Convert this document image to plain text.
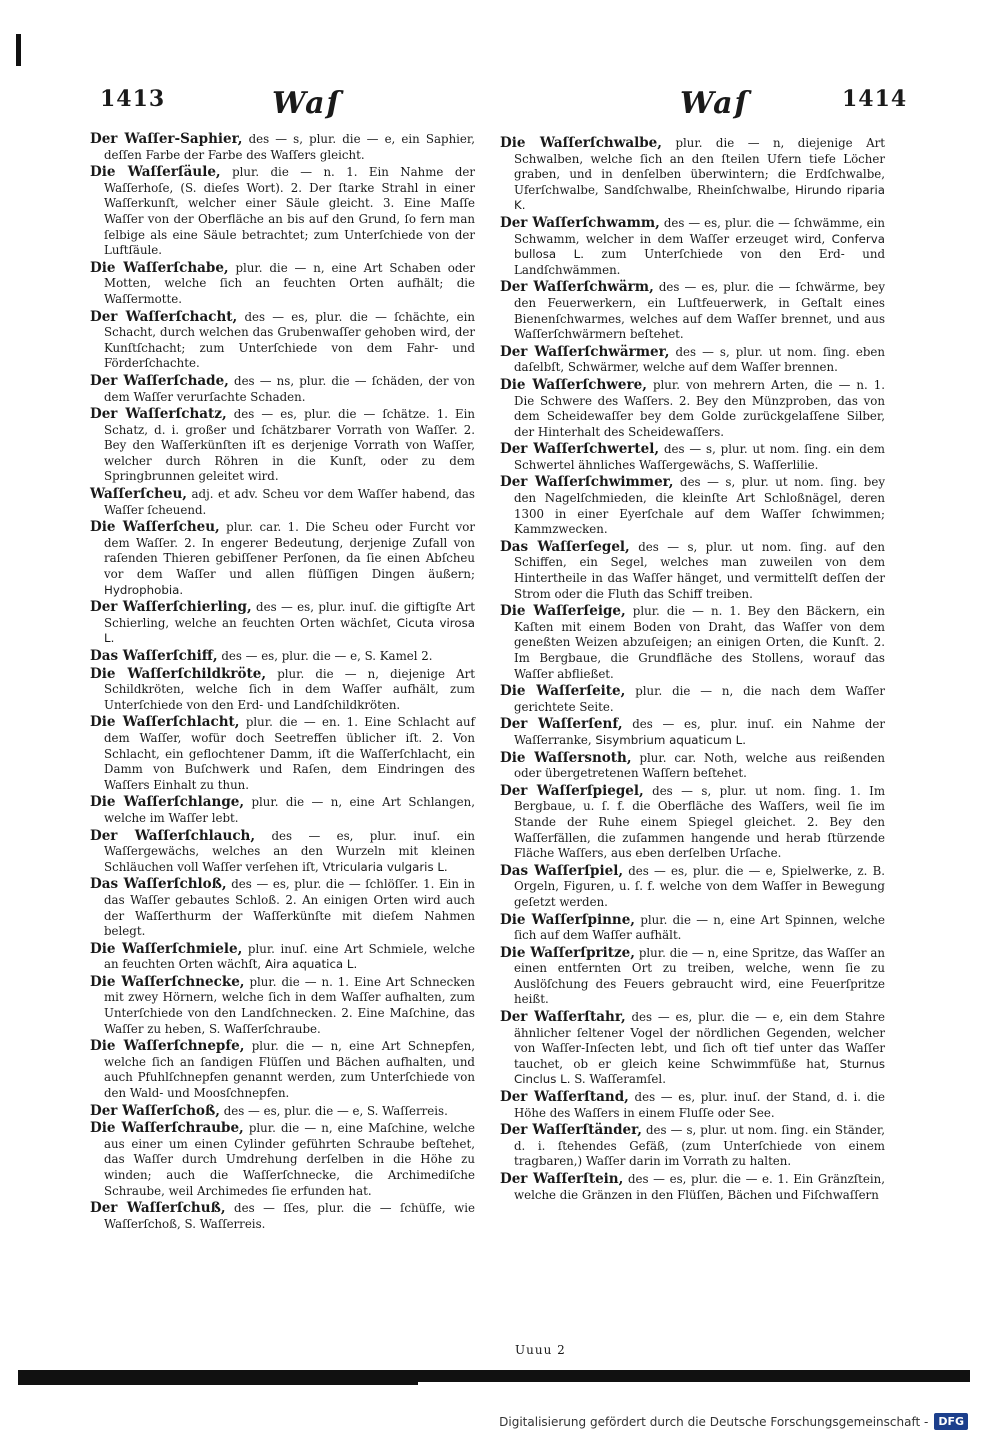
1413	Waſ	Waſ	1414

Der Waſſer-Saphier, des — s, plur. die — e, ein Saphier, deſſen Farbe der Farbe des Waſſers gleicht.

Die Waſſerſäule, plur. die — n. 1. Ein Nahme der Waſſerhoſe, (S. dieſes Wort). 2. Der ſtarke Strahl in einer Waſſerkunſt, welcher einer Säule gleicht. 3. Eine Maſſe Waſſer von der Oberfläche an bis auf den Grund, ſo fern man ſelbige als eine Säule betrachtet; zum Unterſchiede von der Luftſäule.

Die Waſſerſchabe, plur. die — n, eine Art Schaben oder Motten, welche ſich an feuchten Orten aufhält; die Waſſermotte.

Der Waſſerſchacht, des — es, plur. die — ſchächte, ein Schacht, durch welchen das Grubenwaſſer gehoben wird, der Kunſtſchacht; zum Unterſchiede von dem Fahr- und Förderſchachte.

Der Waſſerſchade, des — ns, plur. die — ſchäden, der von dem Waſſer verurſachte Schaden.

Der Waſſerſchatz, des — es, plur. die — ſchätze. 1. Ein Schatz, d. i. großer und ſchätzbarer Vorrath von Waſſer. 2. Bey den Waſſerkünſten iſt es derjenige Vorrath von Waſſer, welcher durch Röhren in die Kunſt, oder zu dem Springbrunnen geleitet wird.

Waſſerſcheu, adj. et adv. Scheu vor dem Waſſer habend, das Waſſer ſcheuend.

Die Waſſerſcheu, plur. car. 1. Die Scheu oder Furcht vor dem Waſſer. 2. In engerer Bedeutung, derjenige Zufall von raſenden Thieren gebiſſener Perſonen, da ſie einen Abſcheu vor dem Waſſer und allen flüſſigen Dingen äußern; Hydrophobia.

Der Waſſerſchierling, des — es, plur. inuſ. die giftigſte Art Schierling, welche an feuchten Orten wächſet, Cicuta virosa L.

Das Waſſerſchiff, des — es, plur. die — e, S. Kamel 2.

Die Waſſerſchildkröte, plur. die — n, diejenige Art Schildkröten, welche ſich in dem Waſſer aufhält, zum Unterſchiede von den Erd- und Landſchildkröten.

Die Waſſerſchlacht, plur. die — en. 1. Eine Schlacht auf dem Waſſer, wofür doch Seetreffen üblicher iſt. 2. Von Schlacht, ein geflochtener Damm, iſt die Waſſerſchlacht, ein Damm von Buſchwerk und Raſen, dem Eindringen des Waſſers Einhalt zu thun.

Die Waſſerſchlange, plur. die — n, eine Art Schlangen, welche im Waſſer lebt.

Der Waſſerſchlauch, des — es, plur. inuſ. ein Waſſergewächs, welches an den Wurzeln mit kleinen Schläuchen voll Waſſer verſehen iſt, Vtricularia vulgaris L.

Das Waſſerſchloß, des — es, plur. die — ſchlöſſer. 1. Ein in das Waſſer gebautes Schloß. 2. An einigen Orten wird auch der Waſſerthurm der Waſſerkünſte mit dieſem Nahmen belegt.

Die Waſſerſchmiele, plur. inuſ. eine Art Schmiele, welche an feuchten Orten wächſt, Aira aquatica L.

Die Waſſerſchnecke, plur. die — n. 1. Eine Art Schnecken mit zwey Hörnern, welche ſich in dem Waſſer aufhalten, zum Unterſchiede von den Landſchnecken. 2. Eine Maſchine, das Waſſer zu heben, S. Waſſerſchraube.

Die Waſſerſchnepfe, plur. die — n, eine Art Schnepfen, welche ſich an ſandigen Flüſſen und Bächen aufhalten, und auch Pfuhlſchnepfen genannt werden, zum Unterſchiede von den Wald- und Moosſchnepfen.

Der Waſſerſchoß, des — es, plur. die — e, S. Waſſerreis.

Die Waſſerſchraube, plur. die — n, eine Maſchine, welche aus einer um einen Cylinder geführten Schraube beſtehet, das Waſſer durch Umdrehung derſelben in die Höhe zu winden; auch die Waſſerſchnecke, die Archimediſche Schraube, weil Archimedes ſie erfunden hat.

Der Waſſerſchuß, des — ſſes, plur. die — ſchüſſe, wie Waſſerſchoß, S. Waſſerreis.

Die Waſſerſchwalbe, plur. die — n, diejenige Art Schwalben, welche ſich an den ſteilen Ufern tiefe Löcher graben, und in denſelben überwintern; die Erdſchwalbe, Uferſchwalbe, Sandſchwalbe, Rheinſchwalbe, Hirundo riparia K.

Der Waſſerſchwamm, des — es, plur. die — ſchwämme, ein Schwamm, welcher in dem Waſſer erzeuget wird, Conferva bullosa L. zum Unterſchiede von den Erd- und Landſchwämmen.

Der Waſſerſchwärm, des — es, plur. die — ſchwärme, bey den Feuerwerkern, ein Luſtfeuerwerk, in Geſtalt eines Bienenſchwarmes, welches auf dem Waſſer brennet, und aus Waſſerſchwärmern beſtehet.

Der Waſſerſchwärmer, des — s, plur. ut nom. ſing. eben daſelbſt, Schwärmer, welche auf dem Waſſer brennen.

Die Waſſerſchwere, plur. von mehrern Arten, die — n. 1. Die Schwere des Waſſers. 2. Bey den Münzproben, das von dem Scheidewaſſer bey dem Golde zurückgelaſſene Silber, der Hinterhalt des Scheidewaſſers.

Der Waſſerſchwertel, des — s, plur. ut nom. ſing. ein dem Schwertel ähnliches Waſſergewächs, S. Waſſerlilie.

Der Waſſerſchwimmer, des — s, plur. ut nom. ſing. bey den Nagelſchmieden, die kleinſte Art Schloßnägel, deren 1300 in einer Eyerſchale auf dem Waſſer ſchwimmen; Kammzwecken.

Das Waſſerſegel, des — s, plur. ut nom. ſing. auf den Schiffen, ein Segel, welches man zuweilen von dem Hintertheile in das Waſſer hänget, und vermittelſt deſſen der Strom oder die Fluth das Schiff treiben.

Die Waſſerſeige, plur. die — n. 1. Bey den Bäckern, ein Kaſten mit einem Boden von Draht, das Waſſer von dem geneßten Weizen abzuſeigen; an einigen Orten, die Kunſt. 2. Im Bergbaue, die Grundfläche des Stollens, worauf das Waſſer abfließet.

Die Waſſerſeite, plur. die — n, die nach dem Waſſer gerichtete Seite.

Der Waſſerſenf, des — es, plur. inuſ. ein Nahme der Waſſerranke, Sisymbrium aquaticum L.

Die Waſſersnoth, plur. car. Noth, welche aus reißenden oder übergetretenen Waſſern beſtehet.

Der Waſſerſpiegel, des — s, plur. ut nom. ſing. 1. Im Bergbaue, u. ſ. f. die Oberfläche des Waſſers, weil ſie im Stande der Ruhe einem Spiegel gleichet. 2. Bey den Waſſerfällen, die zuſammen hangende und herab ſtürzende Fläche Waſſers, aus eben derſelben Urſache.

Das Waſſerſpiel, des — es, plur. die — e, Spielwerke, z. B. Orgeln, Figuren, u. ſ. f. welche von dem Waſſer in Bewegung geſetzt werden.

Die Waſſerſpinne, plur. die — n, eine Art Spinnen, welche ſich auf dem Waſſer aufhält.

Die Waſſerſpritze, plur. die — n, eine Spritze, das Waſſer an einen entfernten Ort zu treiben, welche, wenn ſie zu Auslöſchung des Feuers gebraucht wird, eine Feuerſpritze heißt.

Der Waſſerſtahr, des — es, plur. die — e, ein dem Stahre ähnlicher ſeltener Vogel der nördlichen Gegenden, welcher von Waſſer-Inſecten lebt, und ſich oft tief unter das Waſſer tauchet, ob er gleich keine Schwimmfüße hat, Sturnus Cinclus L. S. Waſſeramſel.

Der Waſſerſtand, des — es, plur. inuſ. der Stand, d. i. die Höhe des Waſſers in einem Fluſſe oder See.

Der Waſſerſtänder, des — s, plur. ut nom. ſing. ein Ständer, d. i. ſtehendes Gefäß, (zum Unterſchiede von einem tragbaren,) Waſſer darin im Vorrath zu halten.

Der Waſſerſtein, des — es, plur. die — e. 1. Ein Gränzſtein, welche die Gränzen in den Flüſſen, Bächen und Fiſchwaſſern

Uuuu 2
Digitalisierung gefördert durch die Deutsche Forschungsgemeinschaft - DFG
